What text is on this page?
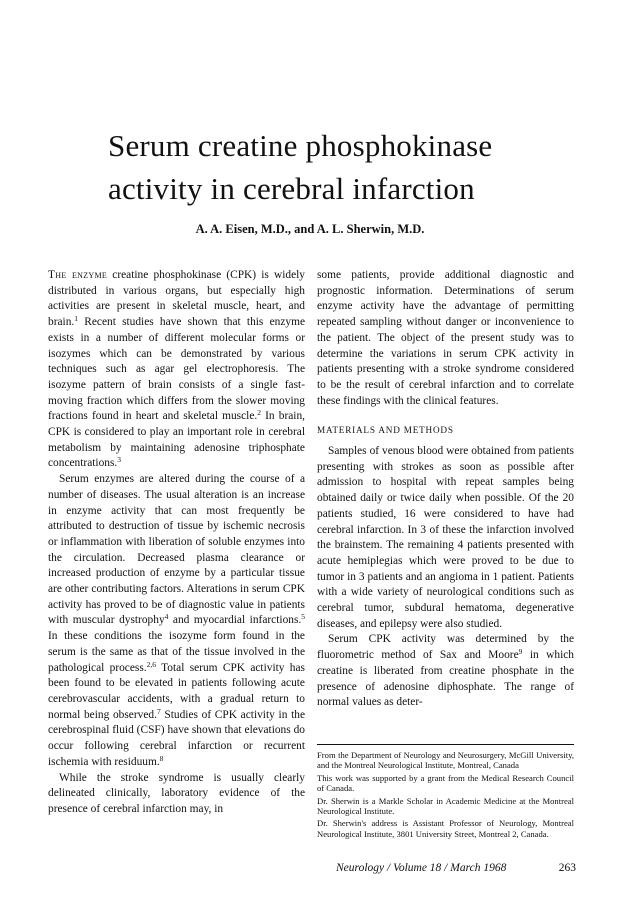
Serum creatine phosphokinase
activity in cerebral infarction
A. A. Eisen, M.D., and A. L. Sherwin, M.D.

The enzyme creatine phosphokinase (CPK) is widely distributed in various organs, but especially high activities are present in skeletal muscle, heart, and brain.$^1$ Recent studies have shown that this enzyme exists in a number of different molecular forms or isozymes which can be demonstrated by various techniques such as agar gel electrophoresis. The isozyme pattern of brain consists of a single fast-moving fraction which differs from the slower moving fractions found in heart and skeletal muscle.$^2$ In brain, CPK is considered to play an important role in cerebral metabolism by maintaining adenosine triphosphate concentrations.$^3$

Serum enzymes are altered during the course of a number of diseases. The usual alteration is an increase in enzyme activity that can most frequently be attributed to destruction of tissue by ischemic necrosis or inflammation with liberation of soluble enzymes into the circulation. Decreased plasma clearance or increased production of enzyme by a particular tissue are other contributing factors. Alterations in serum CPK activity has proved to be of diagnostic value in patients with muscular dystrophy$^4$ and myocardial infarctions.$^5$ In these conditions the isozyme form found in the serum is the same as that of the tissue involved in the pathological process.$^{2,6}$ Total serum CPK activity has been found to be elevated in patients following acute cerebrovascular accidents, with a gradual return to normal being observed.$^7$ Studies of CPK activity in the cerebrospinal fluid (CSF) have shown that elevations do occur following cerebral infarction or recurrent ischemia with residuum.$^8$

While the stroke syndrome is usually clearly delineated clinically, laboratory evidence of the presence of cerebral infarction may, in

some patients, provide additional diagnostic and prognostic information. Determinations of serum enzyme activity have the advantage of permitting repeated sampling without danger or inconvenience to the patient. The object of the present study was to determine the variations in serum CPK activity in patients presenting with a stroke syndrome considered to be the result of cerebral infarction and to correlate these findings with the clinical features.

MATERIALS AND METHODS

Samples of venous blood were obtained from patients presenting with strokes as soon as possible after admission to hospital with repeat samples being obtained daily or twice daily when possible. Of the 20 patients studied, 16 were considered to have had cerebral infarction. In 3 of these the infarction involved the brainstem. The remaining 4 patients presented with acute hemiplegias which were proved to be due to tumor in 3 patients and an angioma in 1 patient. Patients with a wide variety of neurological conditions such as cerebral tumor, subdural hematoma, degenerative diseases, and epilepsy were also studied.

Serum CPK activity was determined by the fluorometric method of Sax and Moore$^9$ in which creatine is liberated from creatine phosphate in the presence of adenosine diphosphate. The range of normal values as deter-

From the Department of Neurology and Neurosurgery, McGill University, and the Montreal Neurological Institute, Montreal, Canada

This work was supported by a grant from the Medical Research Council of Canada.

Dr. Sherwin is a Markle Scholar in Academic Medicine at the Montreal Neurological Institute.

Dr. Sherwin's address is Assistant Professor of Neurology, Montreal Neurological Institute, 3801 University Street, Montreal 2, Canada.

Neurology / Volume 18 / March 1968	263
